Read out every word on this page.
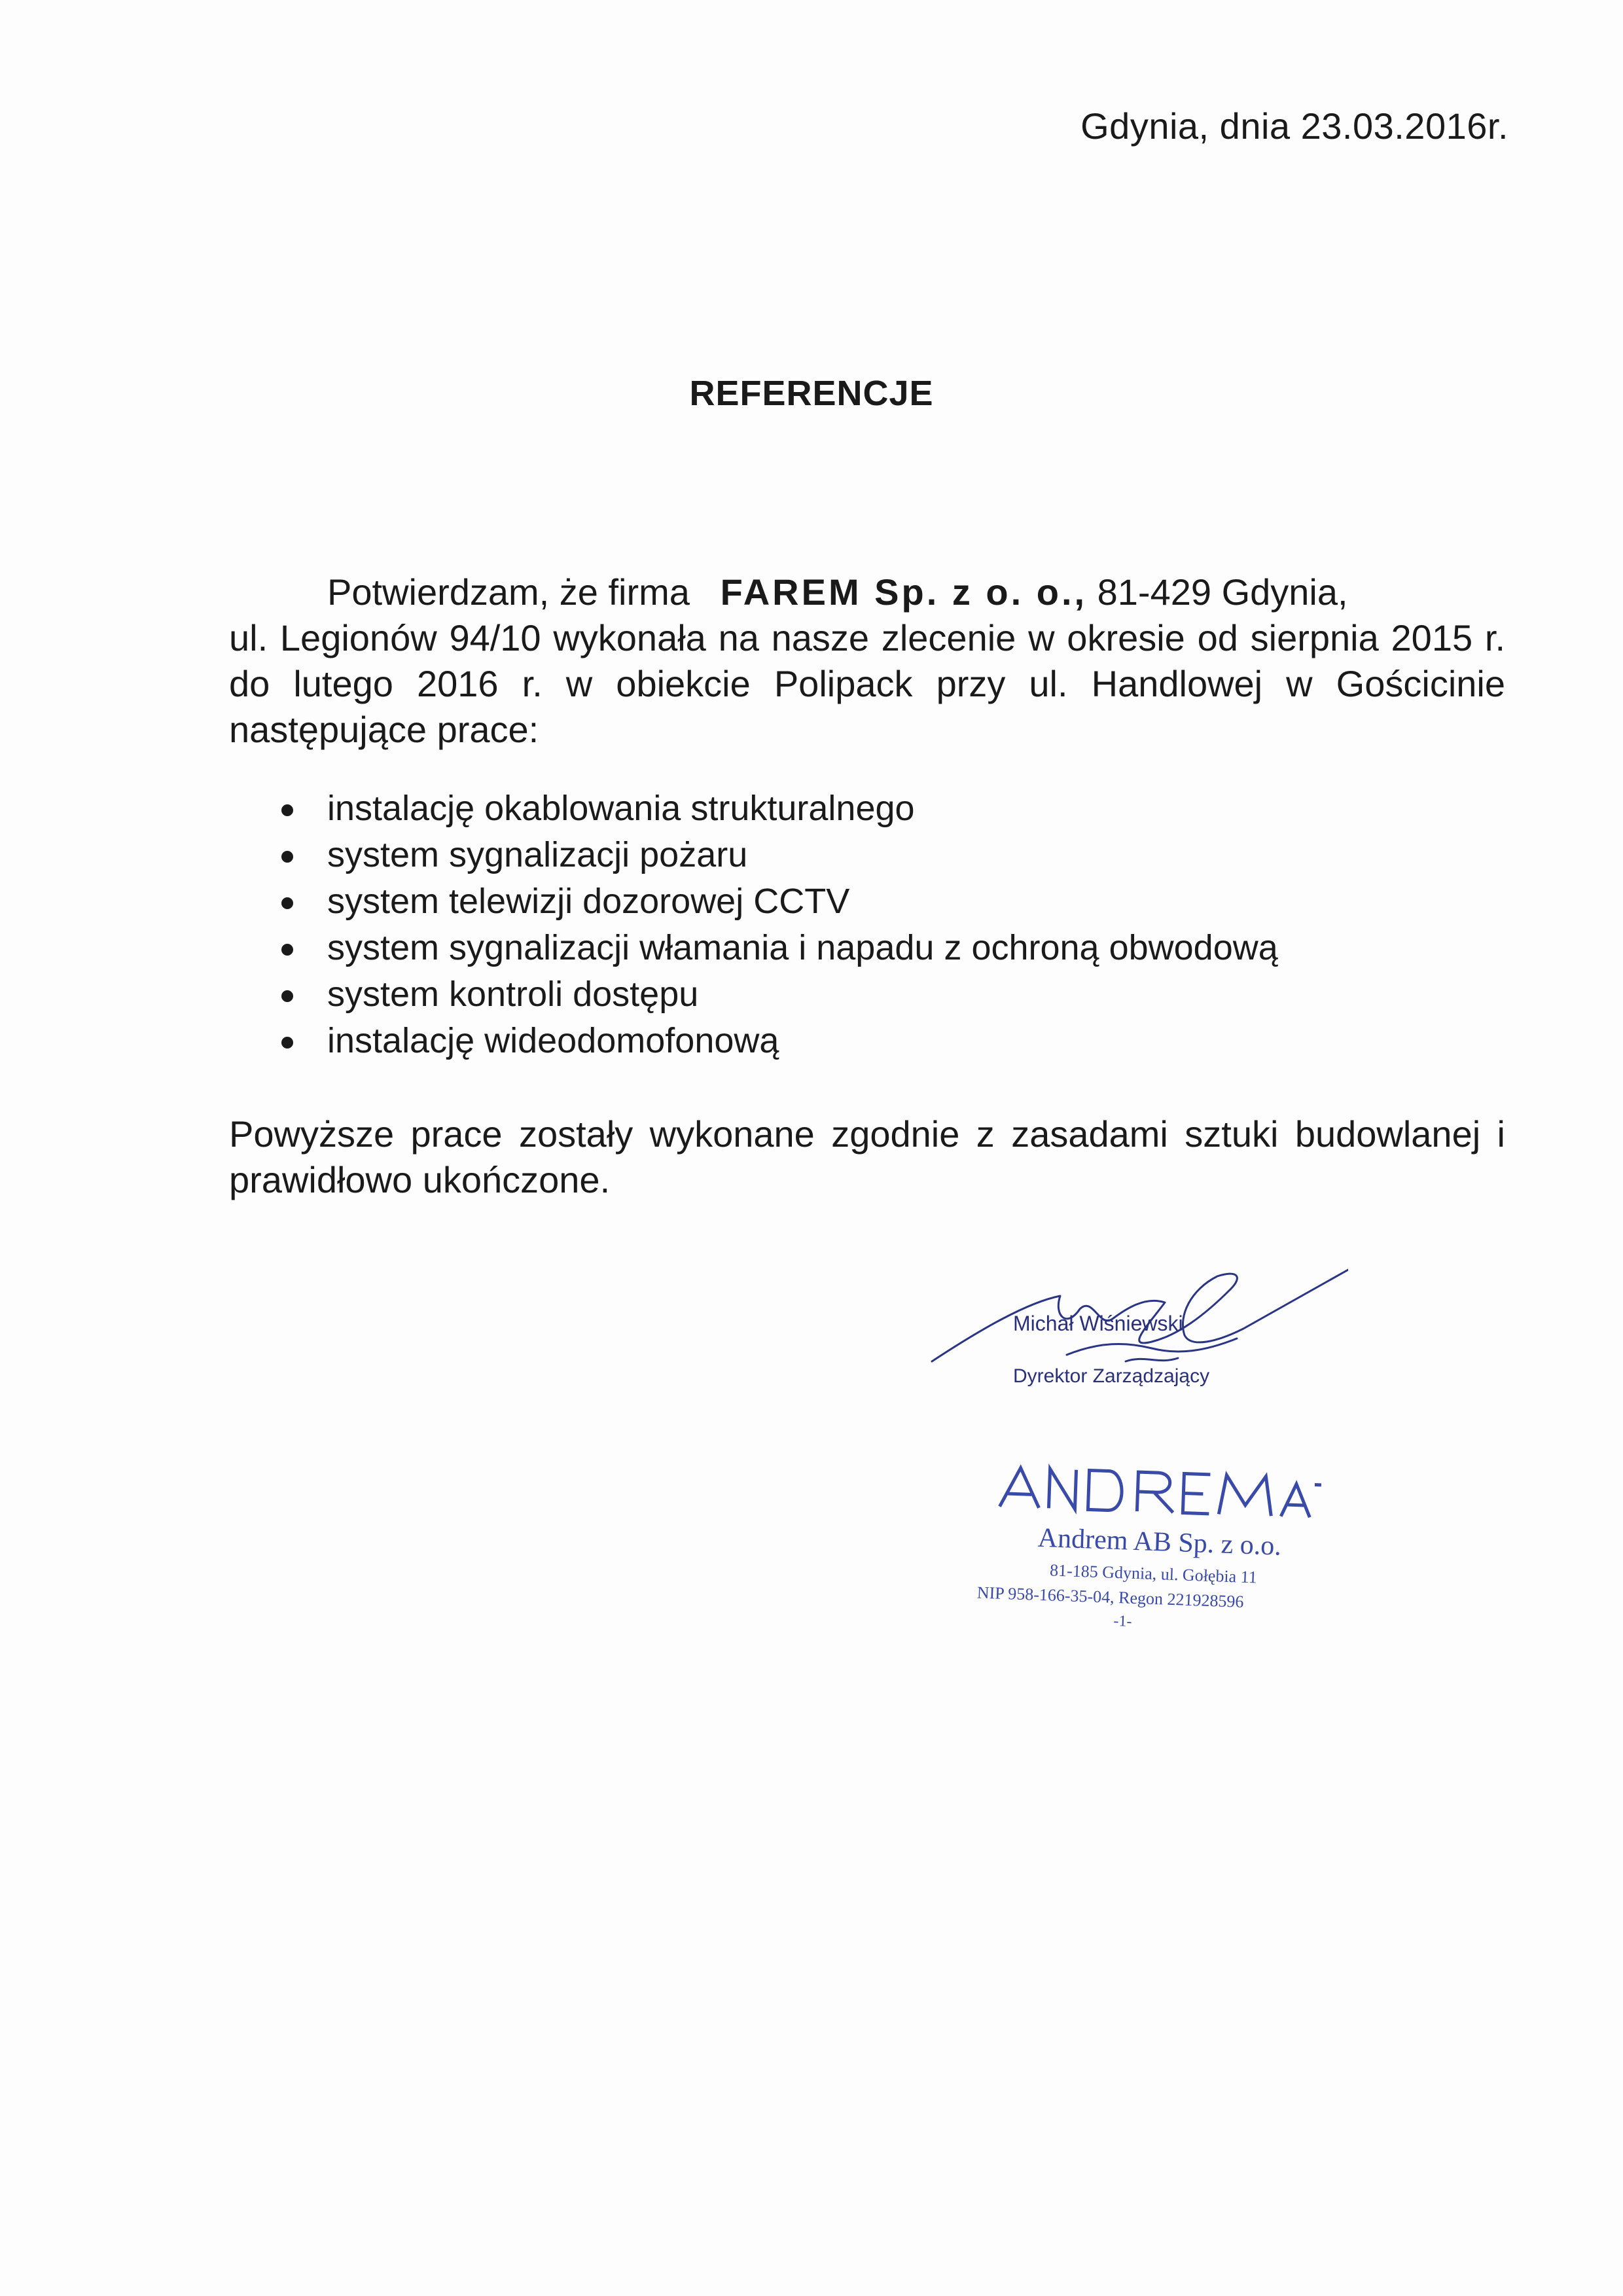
Gdynia, dnia 23.03.2016r.
REFERENCJE
Potwierdzam, że firma FAREM Sp. z o. o., 81-429 Gdynia,
ul. Legionów 94/10 wykonała na nasze zlecenie w okresie od sierpnia 2015 r. do lutego 2016 r. w obiekcie Polipack przy ul. Handlowej w Gościcinie następujące prace:
instalację okablowania strukturalnego
system sygnalizacji pożaru
system telewizji dozorowej CCTV
system sygnalizacji włamania i napadu z ochroną obwodową
system kontroli dostępu
instalację wideodomofonową
Powyższe prace zostały wykonane zgodnie z zasadami sztuki budowlanej i prawidłowo ukończone.
Michał Wiśniewski
Dyrektor Zarządzający
Andrem AB Sp. z o.o.
81-185 Gdynia, ul. Gołębia 11
NIP 958-166-35-04, Regon 221928596
-1-
